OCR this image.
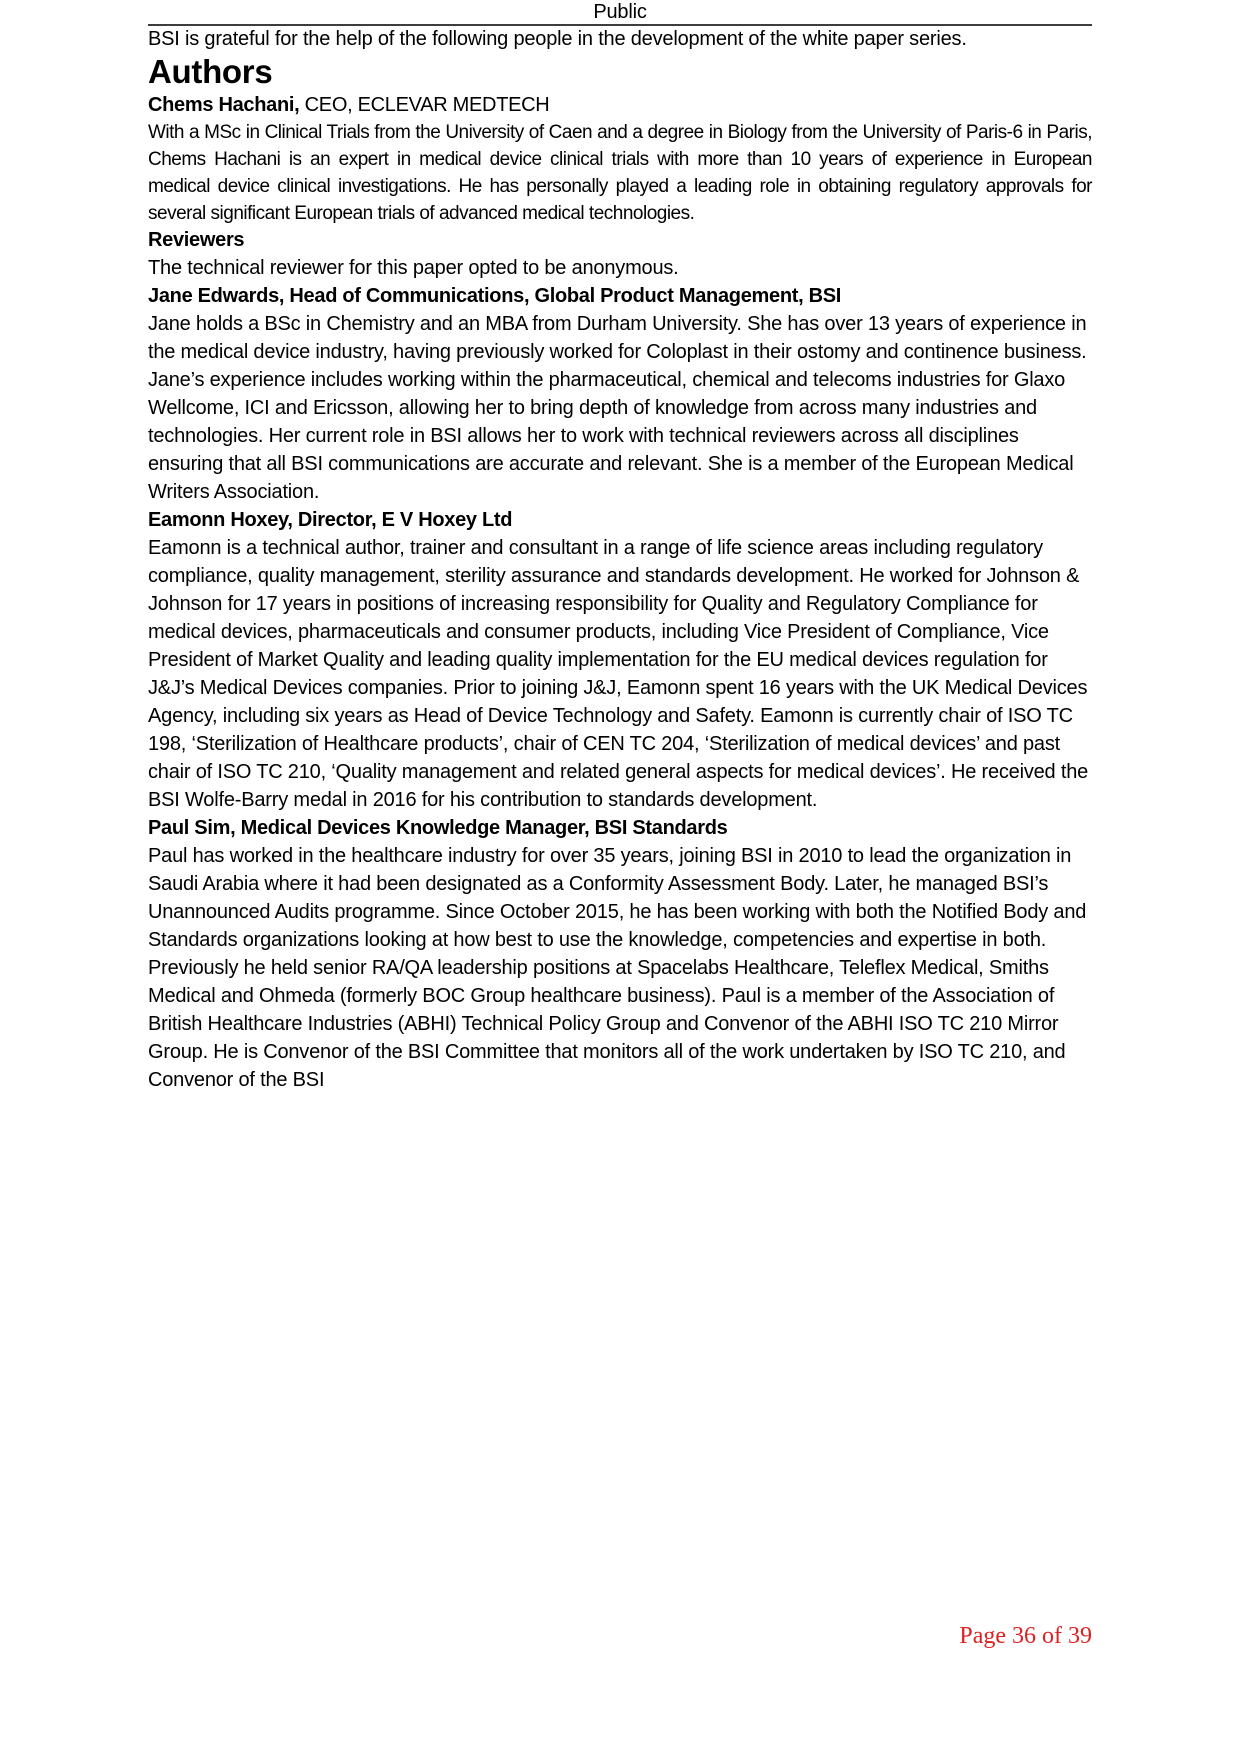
Public

BSI is grateful for the help of the following people in the development of the white paper series.

Authors

Chems Hachani, CEO, ECLEVAR MEDTECH

With a MSc in Clinical Trials from the University of Caen and a degree in Biology from the University of Paris-6 in Paris, Chems Hachani is an expert in medical device clinical trials with more than 10 years of experience in European medical device clinical investigations. He has personally played a leading role in obtaining regulatory approvals for several significant European trials of advanced medical technologies.

Reviewers

The technical reviewer for this paper opted to be anonymous.

Jane Edwards, Head of Communications, Global Product Management, BSI

Jane holds a BSc in Chemistry and an MBA from Durham University. She has over 13 years of experience in the medical device industry, having previously worked for Coloplast in their ostomy and continence business. Jane’s experience includes working within the pharmaceutical, chemical and telecoms industries for Glaxo Wellcome, ICI and Ericsson, allowing her to bring depth of knowledge from across many industries and technologies. Her current role in BSI allows her to work with technical reviewers across all disciplines ensuring that all BSI communications are accurate and relevant. She is a member of the European Medical Writers Association.

Eamonn Hoxey, Director, E V Hoxey Ltd

Eamonn is a technical author, trainer and consultant in a range of life science areas including regulatory compliance, quality management, sterility assurance and standards development. He worked for Johnson & Johnson for 17 years in positions of increasing responsibility for Quality and Regulatory Compliance for medical devices, pharmaceuticals and consumer products, including Vice President of Compliance, Vice President of Market Quality and leading quality implementation for the EU medical devices regulation for J&J’s Medical Devices companies. Prior to joining J&J, Eamonn spent 16 years with the UK Medical Devices Agency, including six years as Head of Device Technology and Safety. Eamonn is currently chair of ISO TC 198, ‘Sterilization of Healthcare products’, chair of CEN TC 204, ‘Sterilization of medical devices’ and past chair of ISO TC 210, ‘Quality management and related general aspects for medical devices’. He received the BSI Wolfe-Barry medal in 2016 for his contribution to standards development.

Paul Sim, Medical Devices Knowledge Manager, BSI Standards

Paul has worked in the healthcare industry for over 35 years, joining BSI in 2010 to lead the organization in Saudi Arabia where it had been designated as a Conformity Assessment Body. Later, he managed BSI’s Unannounced Audits programme. Since October 2015, he has been working with both the Notified Body and Standards organizations looking at how best to use the knowledge, competencies and expertise in both. Previously he held senior RA/QA leadership positions at Spacelabs Healthcare, Teleflex Medical, Smiths Medical and Ohmeda (formerly BOC Group healthcare business). Paul is a member of the Association of British Healthcare Industries (ABHI) Technical Policy Group and Convenor of the ABHI ISO TC 210 Mirror Group. He is Convenor of the BSI Committee that monitors all of the work undertaken by ISO TC 210, and Convenor of the BSI

Page 36 of 39
